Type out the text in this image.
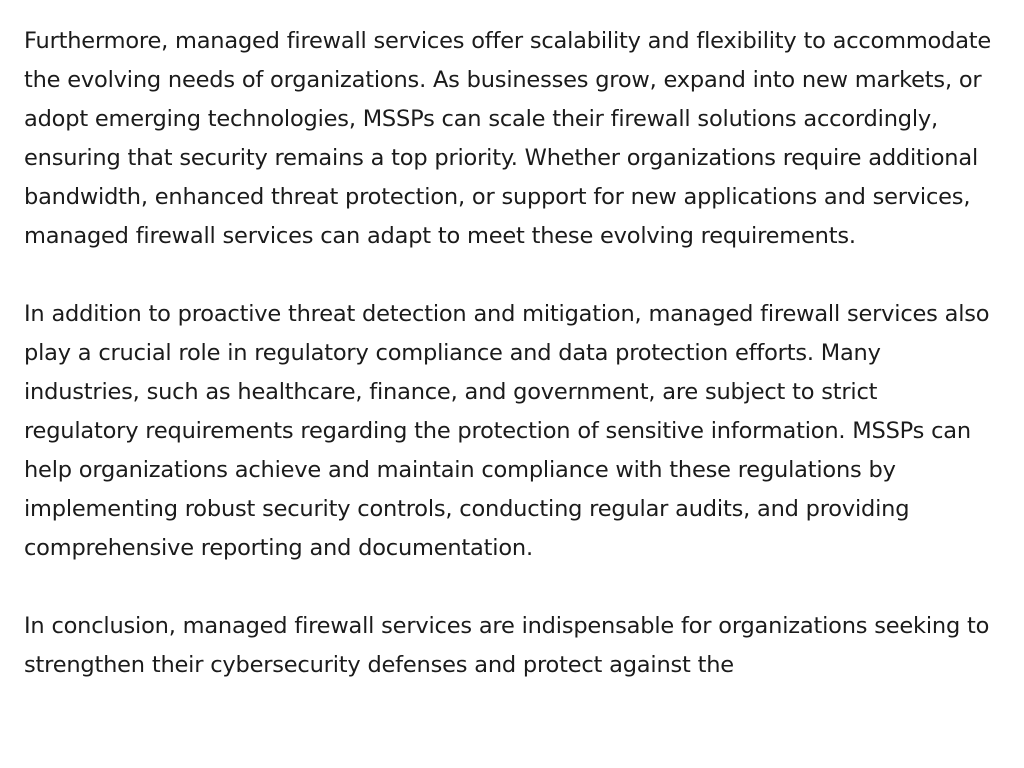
Furthermore, managed firewall services offer scalability and flexibility to accommodate the evolving needs of organizations. As businesses grow, expand into new markets, or adopt emerging technologies, MSSPs can scale their firewall solutions accordingly, ensuring that security remains a top priority. Whether organizations require additional bandwidth, enhanced threat protection, or support for new applications and services, managed firewall services can adapt to meet these evolving requirements.

In addition to proactive threat detection and mitigation, managed firewall services also play a crucial role in regulatory compliance and data protection efforts. Many industries, such as healthcare, finance, and government, are subject to strict regulatory requirements regarding the protection of sensitive information. MSSPs can help organizations achieve and maintain compliance with these regulations by implementing robust security controls, conducting regular audits, and providing comprehensive reporting and documentation.

In conclusion, managed firewall services are indispensable for organizations seeking to strengthen their cybersecurity defenses and protect against the
